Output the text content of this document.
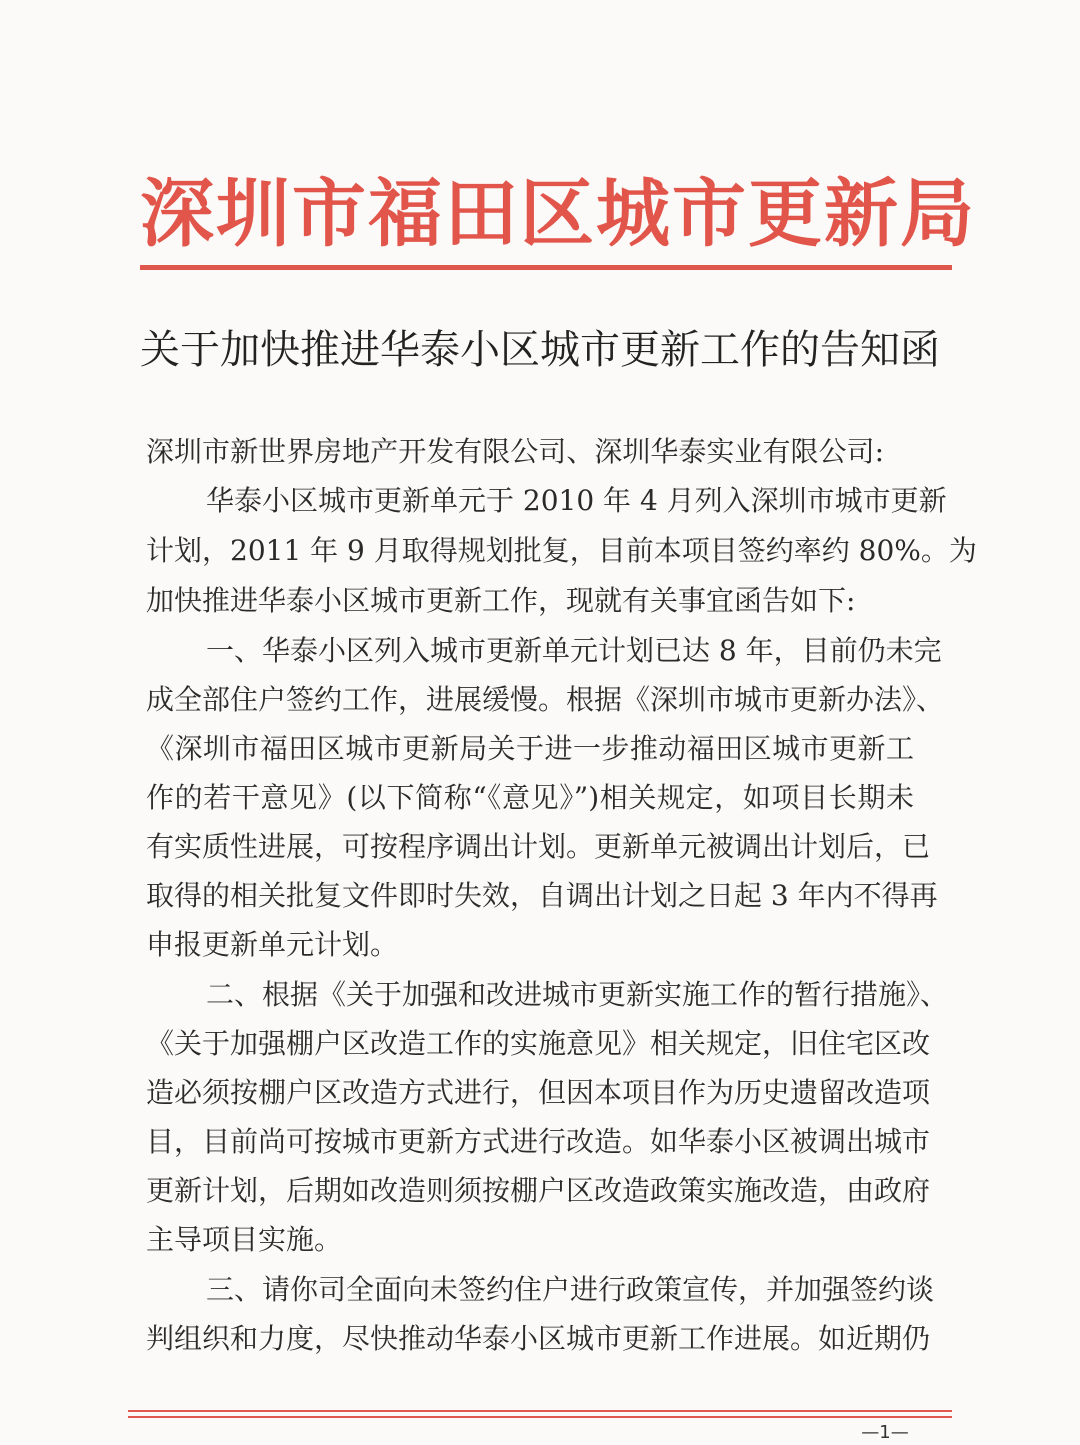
深圳市福田区城市更新局
关于加快推进华泰小区城市更新工作的告知函
深圳市新世界房地产开发有限公司、深圳华泰实业有限公司:
华泰小区城市更新单元于 2010 年 4 月列入深圳市城市更新
计划，2011 年 9 月取得规划批复，目前本项目签约率约 80%。为
加快推进华泰小区城市更新工作，现就有关事宜函告如下:
一、华泰小区列入城市更新单元计划已达 8 年，目前仍未完
成全部住户签约工作，进展缓慢。根据《深圳市城市更新办法》、
《深圳市福田区城市更新局关于进一步推动福田区城市更新工
作的若干意见》(以下简称“《意见》”)相关规定，如项目长期未
有实质性进展，可按程序调出计划。更新单元被调出计划后，已
取得的相关批复文件即时失效，自调出计划之日起 3 年内不得再
申报更新单元计划。
二、根据《关于加强和改进城市更新实施工作的暂行措施》、
《关于加强棚户区改造工作的实施意见》相关规定，旧住宅区改
造必须按棚户区改造方式进行，但因本项目作为历史遗留改造项
目，目前尚可按城市更新方式进行改造。如华泰小区被调出城市
更新计划，后期如改造则须按棚户区改造政策实施改造，由政府
主导项目实施。
三、请你司全面向未签约住户进行政策宣传，并加强签约谈
判组织和力度，尽快推动华泰小区城市更新工作进展。如近期仍
—1—
